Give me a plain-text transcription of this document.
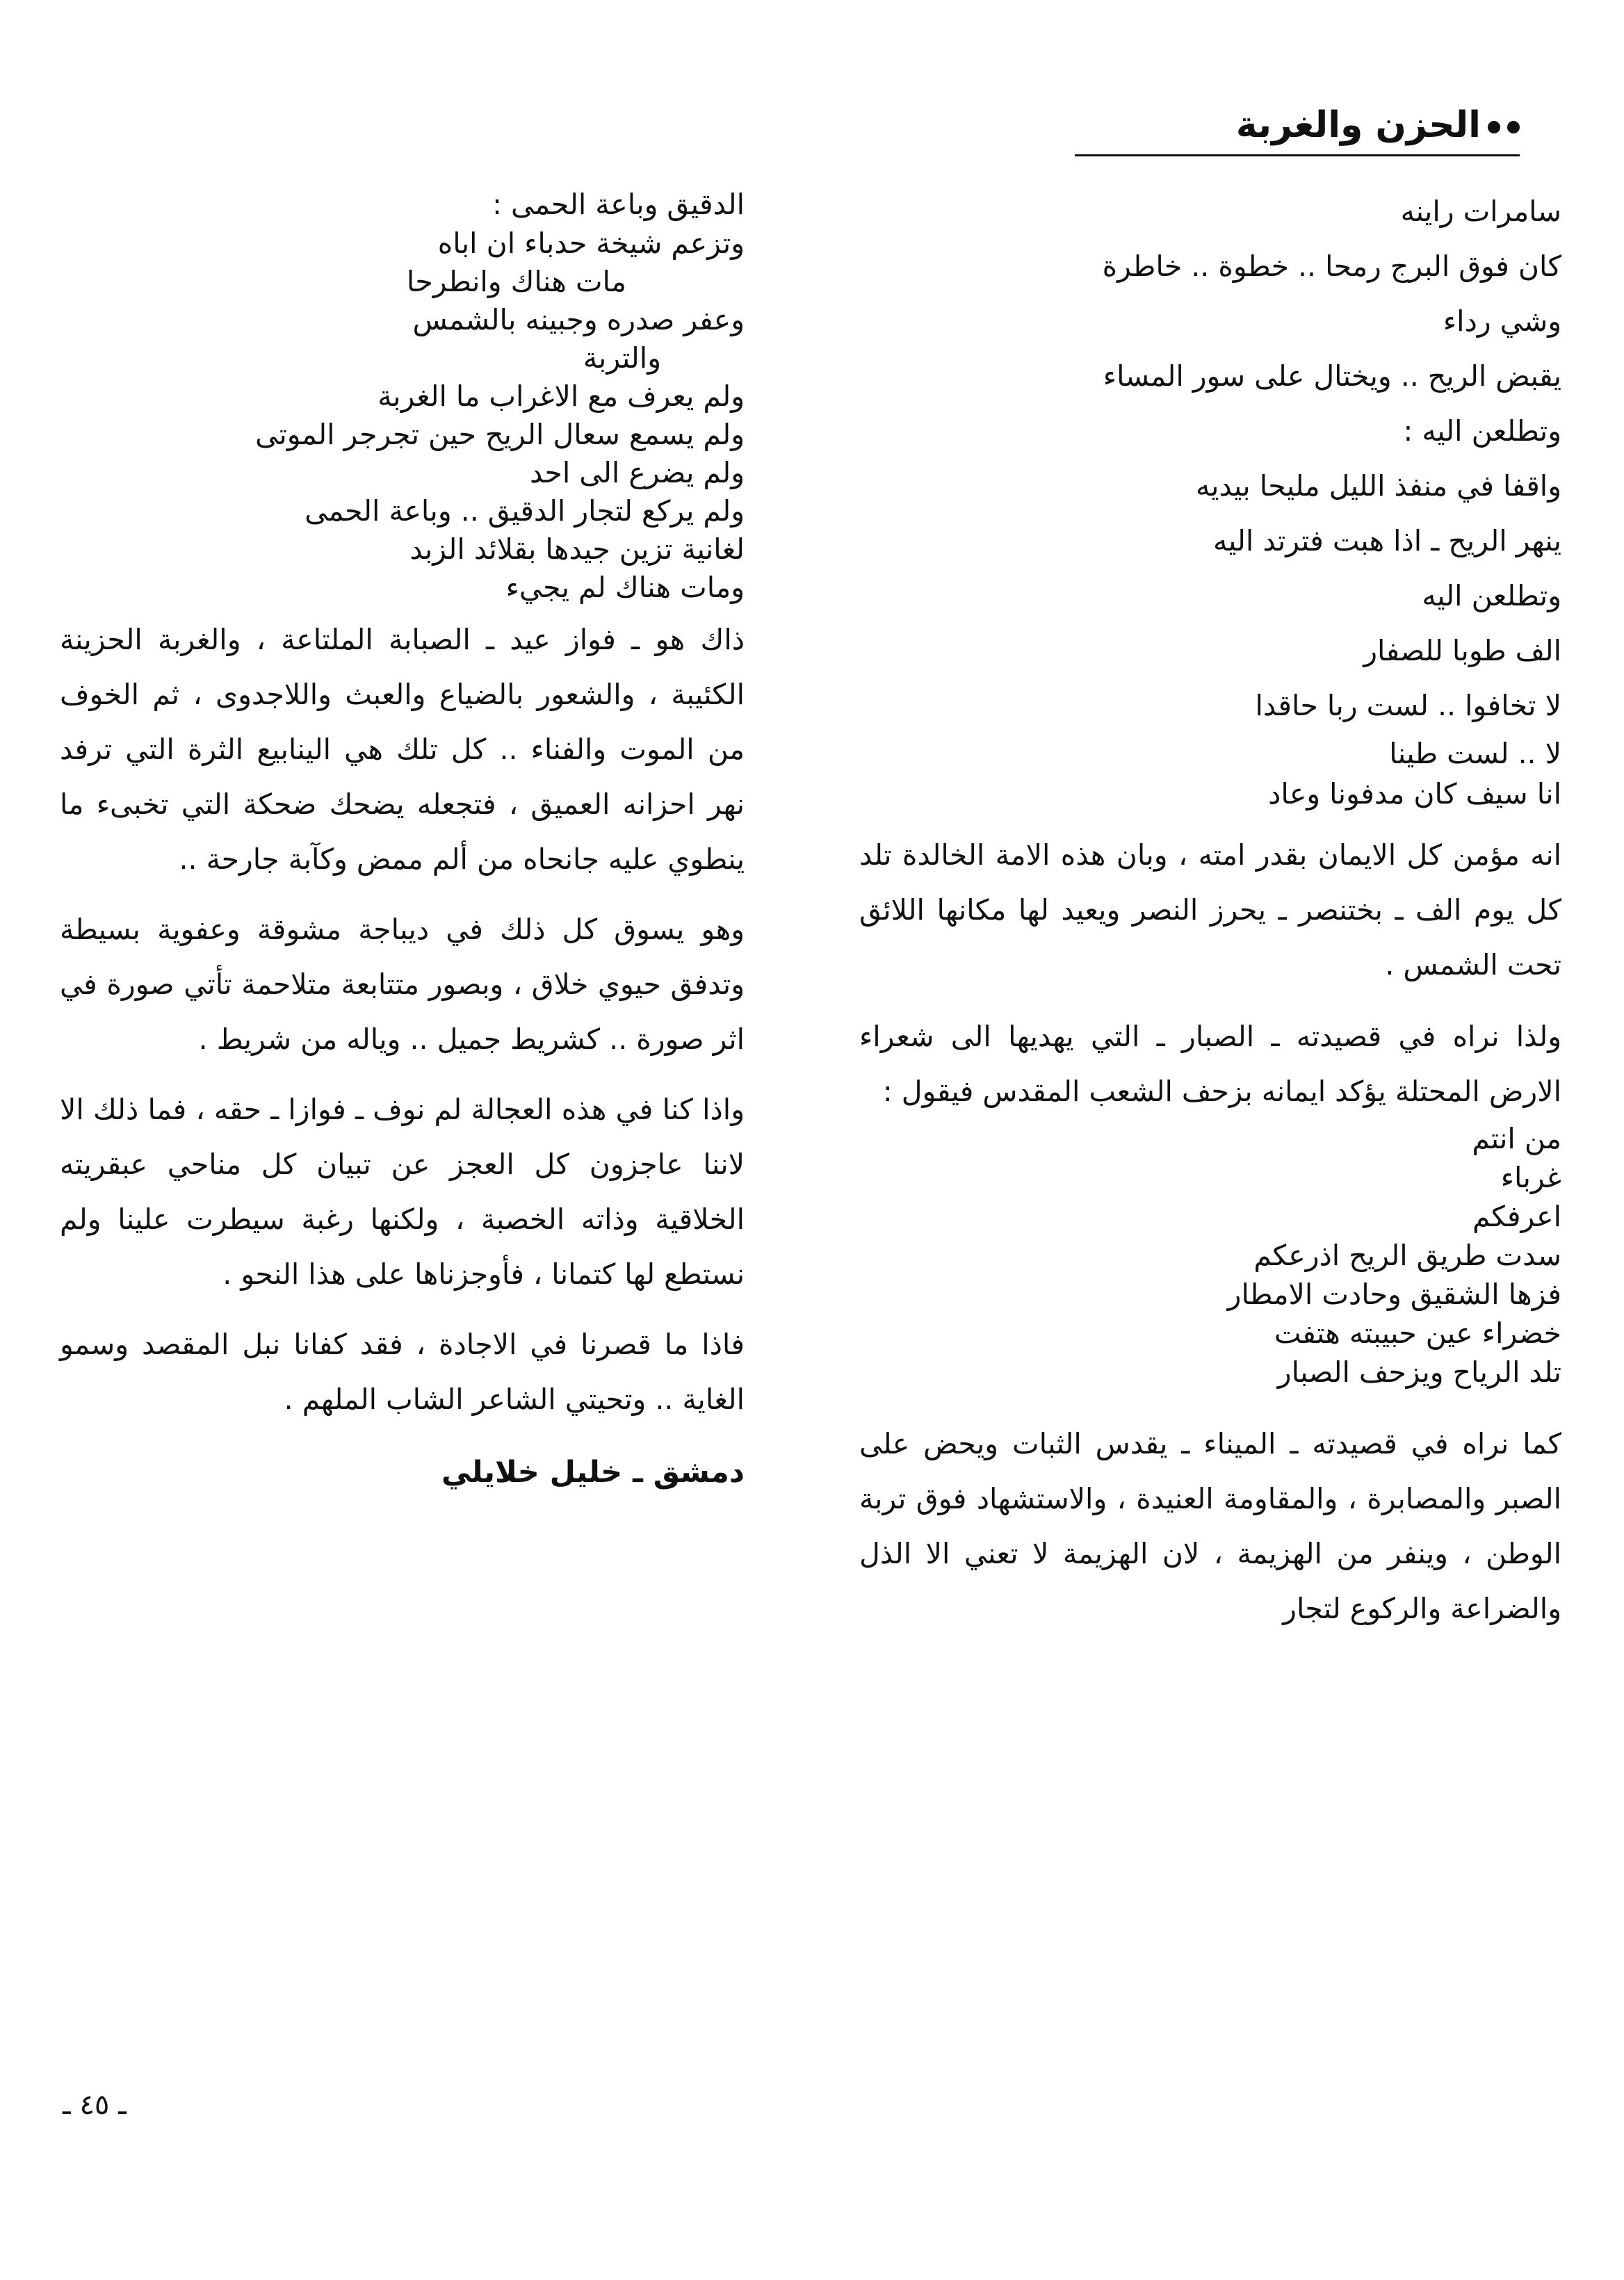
الحزن والغربة

سامرات راينه

كان فوق البرج رمحا .. خطوة .. خاطرة

وشي رداء

يقبض الريح .. ويختال على سور المساء

وتطلعن اليه :

واقفا في منفذ الليل مليحا بيديه

ينهر الريح ـ اذا هبت فترتد اليه

وتطلعن اليه

الف طوبا للصفار

لا تخافوا .. لست ربا حاقدا

لا .. لست طينا

انا سيف كان مدفونا وعاد

انه مؤمن كل الايمان بقدر امته ، وبان هذه الامة الخالدة تلد كل يوم الف ـ بختنصر ـ يحرز النصر ويعيد لها مكانها اللائق تحت الشمس .

ولذا نراه في قصيدته ـ الصبار ـ التي يهديها الى شعراء الارض المحتلة يؤكد ايمانه بزحف الشعب المقدس فيقول :

من انتم

غرباء

اعرفكم

سدت طريق الريح اذرعكم

فزها الشقيق وحادت الامطار

خضراء عين حبيبته هتفت

تلد الرياح ويزحف الصبار

كما نراه في قصيدته ـ الميناء ـ يقدس الثبات ويحض على الصبر والمصابرة ، والمقاومة العنيدة ، والاستشهاد فوق تربة الوطن ، وينفر من الهزيمة ، لان الهزيمة لا تعني الا الذل والضراعة والركوع لتجار

الدقيق وباعة الحمى :

وتزعم شيخة حدباء ان اباه

مات هناك وانطرحا

وعفر صدره وجبينه بالشمس

والتربة

ولم يعرف مع الاغراب ما الغربة

ولم يسمع سعال الريح حين تجرجر الموتى

ولم يضرع الى احد

ولم يركع لتجار الدقيق .. وباعة الحمى

لغانية تزين جيدها بقلائد الزبد

ومات هناك لم يجيء

ذاك هو ـ فواز عيد ـ الصبابة الملتاعة ، والغربة الحزينة الكئيبة ، والشعور بالضياع والعبث واللاجدوى ، ثم الخوف من الموت والفناء .. كل تلك هي الينابيع الثرة التي ترفد نهر احزانه العميق ، فتجعله يضحك ضحكة التي تخبىء ما ينطوي عليه جانحاه من ألم ممض وكآبة جارحة ..

وهو يسوق كل ذلك في ديباجة مشوقة وعفوية بسيطة وتدفق حيوي خلاق ، وبصور متتابعة متلاحمة تأتي صورة في اثر صورة .. كشريط جميل .. وياله من شريط .

واذا كنا في هذه العجالة لم نوف ـ فوازا ـ حقه ، فما ذلك الا لاننا عاجزون كل العجز عن تبيان كل مناحي عبقريته الخلاقية وذاته الخصبة ، ولكنها رغبة سيطرت علينا ولم نستطع لها كتمانا ، فأوجزناها على هذا النحو .

فاذا ما قصرنا في الاجادة ، فقد كفانا نبل المقصد وسمو الغاية .. وتحيتي الشاعر الشاب الملهم .

دمشق ـ خليل خلايلي

ـ ٤٥ ـ
